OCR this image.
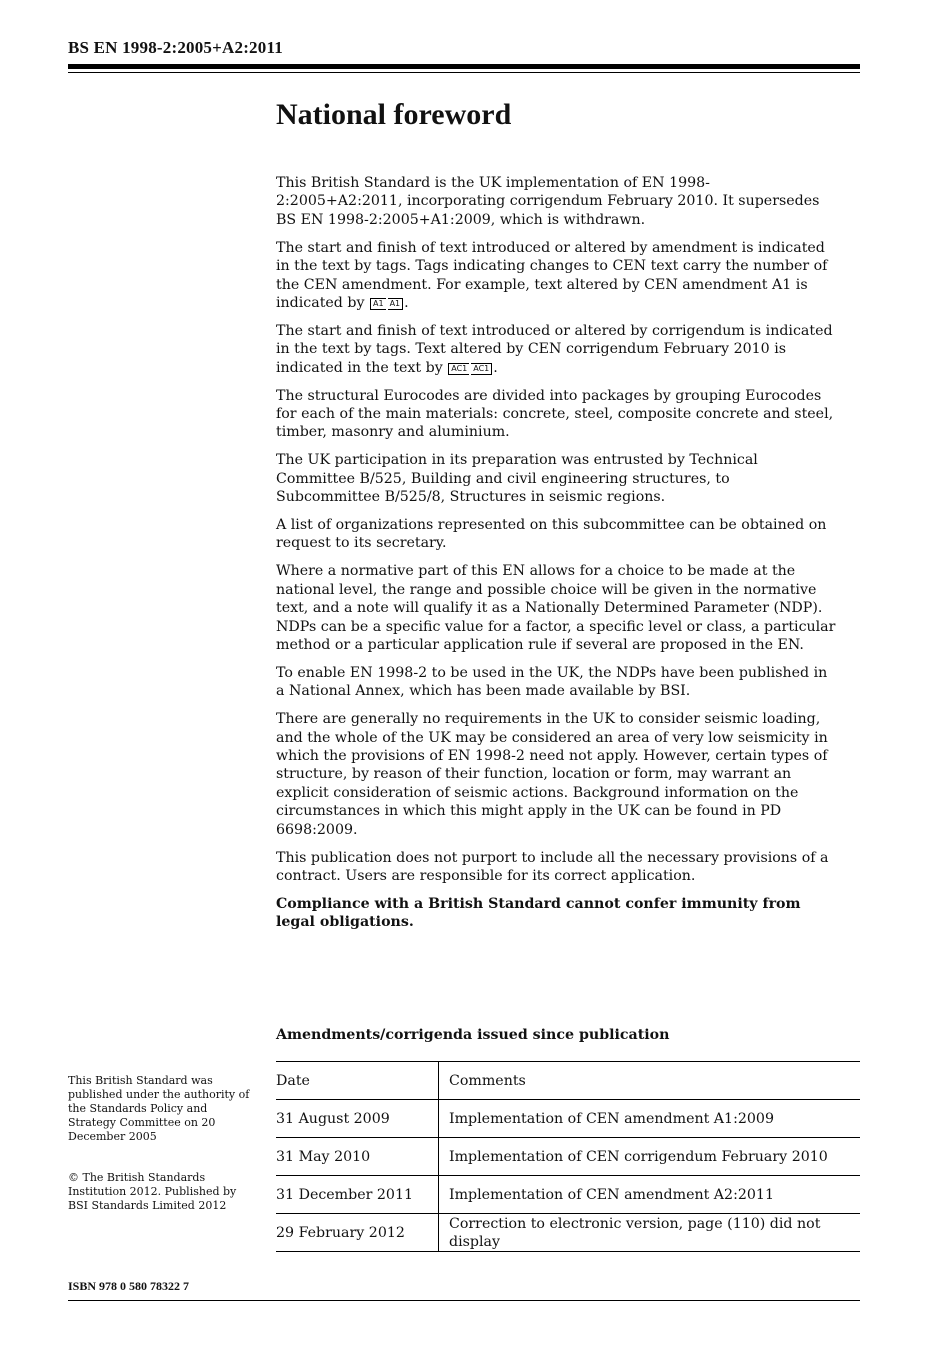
BS EN 1998-2:2005+A2:2011
National foreword

This British Standard is the UK implementation of EN 1998-2:2005+A2:2011, incorporating corrigendum February 2010. It supersedes BS EN 1998-2:2005+A1:2009, which is withdrawn.

The start and finish of text introduced or altered by amendment is indicated in the text by tags. Tags indicating changes to CEN text carry the number of the CEN amendment. For example, text altered by CEN amendment A1 is indicated by A1 A1 .

The start and finish of text introduced or altered by corrigendum is indicated in the text by tags. Text altered by CEN corrigendum February 2010 is indicated in the text by AC1 AC1 .

The structural Eurocodes are divided into packages by grouping Eurocodes for each of the main materials: concrete, steel, composite concrete and steel, timber, masonry and aluminium.

The UK participation in its preparation was entrusted by Technical Committee B/525, Building and civil engineering structures, to Subcommittee B/525/8, Structures in seismic regions.

A list of organizations represented on this subcommittee can be obtained on request to its secretary.

Where a normative part of this EN allows for a choice to be made at the national level, the range and possible choice will be given in the normative text, and a note will qualify it as a Nationally Determined Parameter (NDP). NDPs can be a specific value for a factor, a specific level or class, a particular method or a particular application rule if several are proposed in the EN.

To enable EN 1998-2 to be used in the UK, the NDPs have been published in a National Annex, which has been made available by BSI.

There are generally no requirements in the UK to consider seismic loading, and the whole of the UK may be considered an area of very low seismicity in which the provisions of EN 1998-2 need not apply. However, certain types of structure, by reason of their function, location or form, may warrant an explicit consideration of seismic actions. Background information on the circumstances in which this might apply in the UK can be found in PD 6698:2009.

This publication does not purport to include all the necessary provisions of a contract. Users are responsible for its correct application.

Compliance with a British Standard cannot confer immunity from legal obligations.

Amendments/corrigenda issued since publication
Date	Comments
31 August 2009	Implementation of CEN amendment A1:2009
31 May 2010	Implementation of CEN corrigendum February 2010
31 December 2011	Implementation of CEN amendment A2:2011
29 February 2012	Correction to electronic version, page (110) did not display
This British Standard was published under the authority of the Standards Policy and Strategy Committee on 20 December 2005
© The British Standards Institution 2012. Published by BSI Standards Limited 2012
ISBN 978 0 580 78322 7
